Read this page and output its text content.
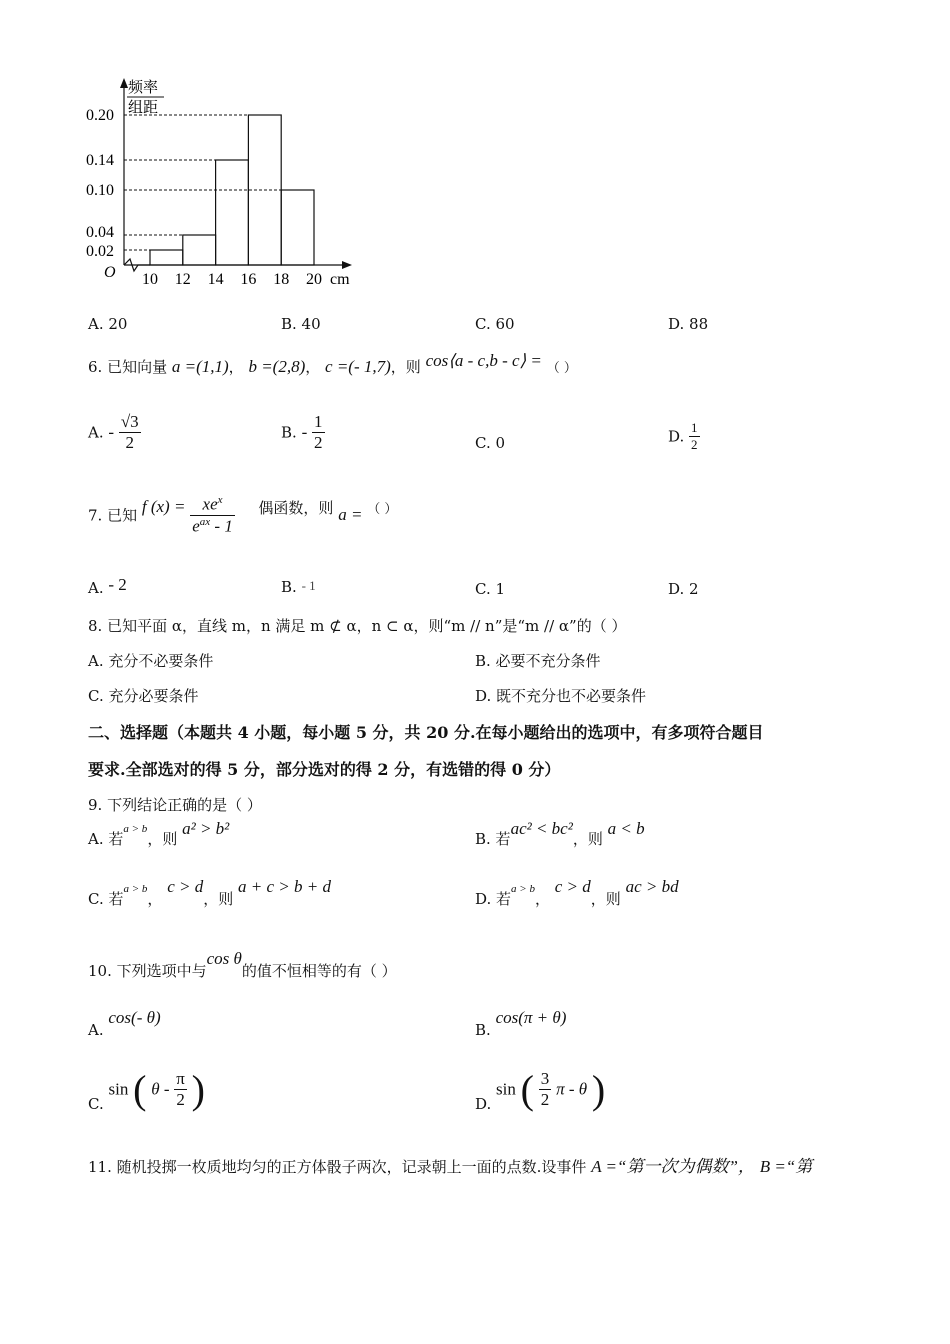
10 12 14 16 18 20
0.20
0.14
0.10
0.04
0.02
频率
组距
O	cm
A. 20	B. 40	C. 60	D. 88
6. 已知向量 a =(1,1)， b =(2,8)， c =(- 1,7)，则 cos⟨a - c,b - c⟩ = （ ）
A. - $\frac{√3}{2}$	B. - $\frac{1}{2}$	C. 0	D. $\frac{1}{2}$
7. 已知 f $(x) = \frac{xe^x}{e^{ax} - 1}$ 偶函数，则 a = （ ）
A. - 2	B. - 1	C. 1	D. 2
8. 已知平面 α，直线 m，n 满足 m ⊄ α，n ⊂ α，则“m // n”是“m // α”的（ ）
A. 充分不必要条件	B. 必要不充分条件
C. 充分必要条件	D. 既不充分也不必要条件
二、选择题（本题共 4 小题，每小题 5 分，共 20 分.在每小题给出的选项中，有多项符合题目
要求.全部选对的得 5 分，部分选对的得 2 分，有选错的得 0 分）
9. 下列结论正确的是（ ）
A. 若$^{a > b}$，则 a² > b²
B. 若ac² < bc²，则 a < b
C. 若$^{a > b}$， c > d，则 a + c > b + d
D. 若$^{a > b}$， c > d，则 ac > bd
10. 下列选项中与cos θ的值不恒相等的有（ ）
A. cos(- θ)
B. cos(π + θ)
C. sin ( θ - $\frac{\pi}{2}$ )	D. sin ( $\frac{3}{2}$ π - θ )
11. 随机投掷一枚质地均匀的正方体骰子两次，记录朝上一面的点数.设事件 A =“第一次为偶数”， B =“第
